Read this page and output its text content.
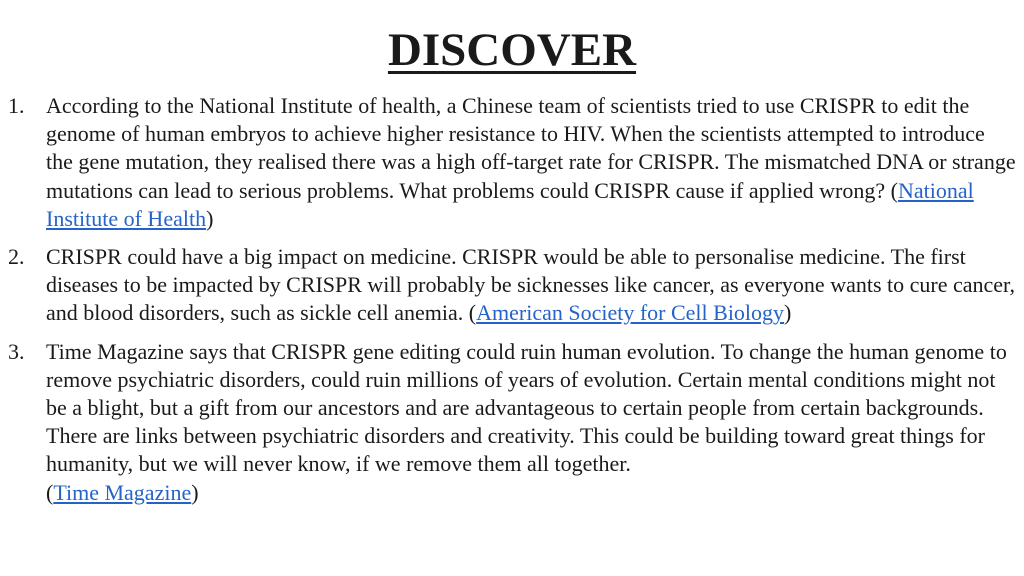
DISCOVER
1. According to the National Institute of health, a Chinese team of scientists tried to use CRISPR to edit the genome of human embryos to achieve higher resistance to HIV. When the scientists attempted to introduce the gene mutation, they realised there was a high off-target rate for CRISPR. The mismatched DNA or strange mutations can lead to serious problems. What problems could CRISPR cause if applied wrong? (National Institute of Health)
2. CRISPR could have a big impact on medicine. CRISPR would be able to personalise medicine. The first diseases to be impacted by CRISPR will probably be sicknesses like cancer, as everyone wants to cure cancer, and blood disorders, such as sickle cell anemia. (American Society for Cell Biology)
3. Time Magazine says that CRISPR gene editing could ruin human evolution. To change the human genome to remove psychiatric disorders, could ruin millions of years of evolution. Certain mental conditions might not be a blight, but a gift from our ancestors and are advantageous to certain people from certain backgrounds. There are links between psychiatric disorders and creativity. This could be building toward great things for humanity, but we will never know, if we remove them all together.
(Time Magazine)
